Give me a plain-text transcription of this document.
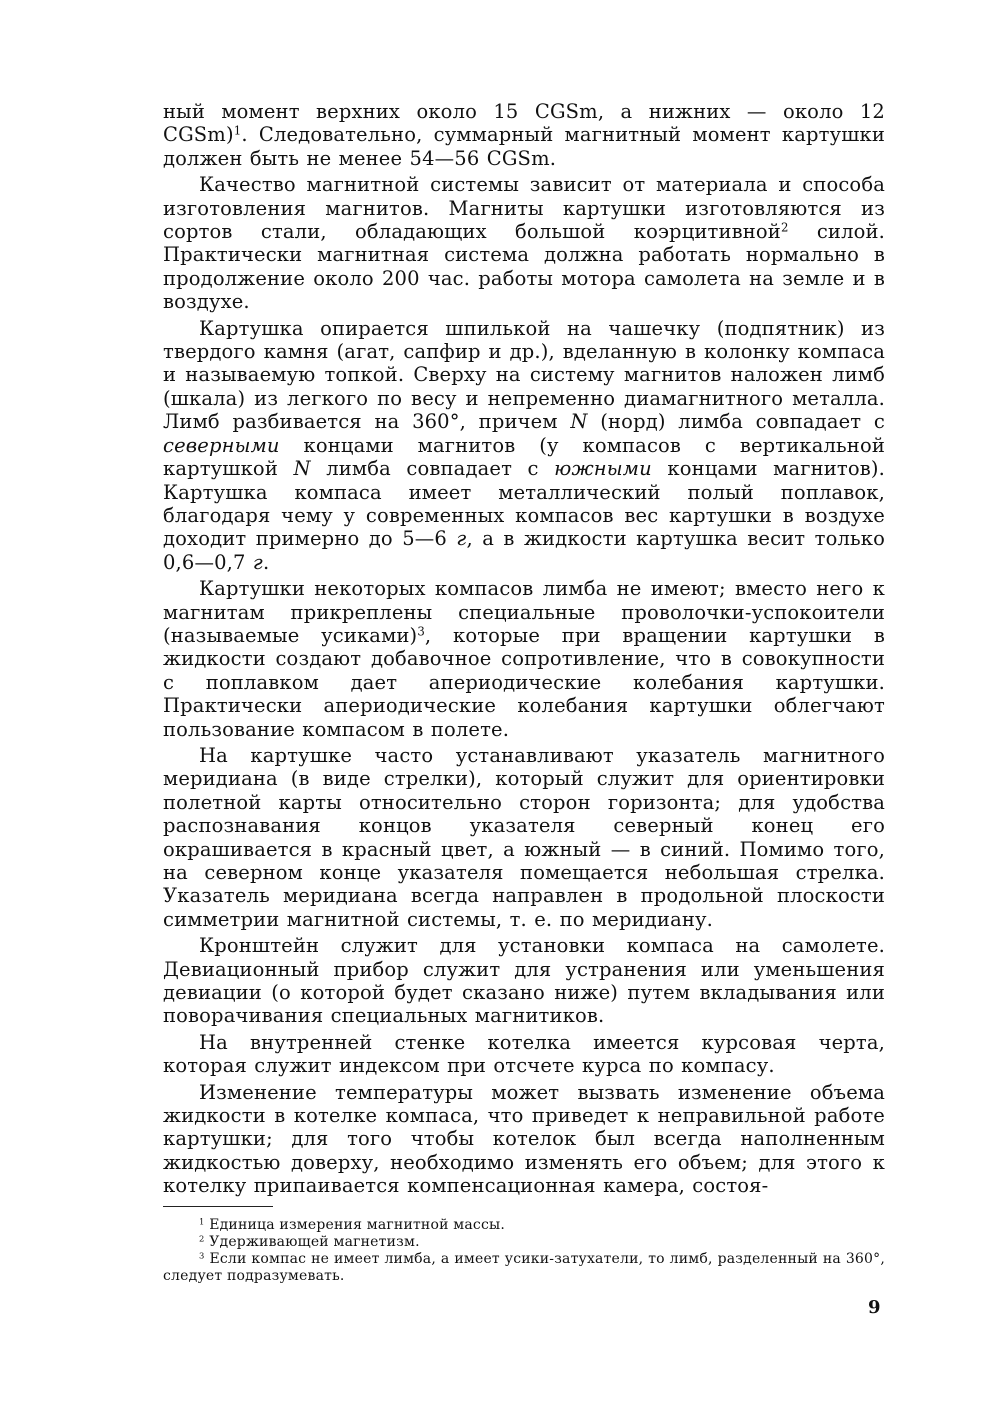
ный момент верхних около 15 CGSm, а нижних — около 12 CGSm)$^1$. Следовательно, суммарный магнитный момент картушки должен быть не менее 54—56 CGSm.

Качество магнитной системы зависит от материала и способа изготовления магнитов. Магниты картушки изготовляются из сортов стали, обладающих большой коэрцитивной$^2$ силой. Практически магнитная система должна работать нормально в продолжение около 200 час. работы мотора самолета на земле и в воздухе.

Картушка опирается шпилькой на чашечку (подпятник) из твердого камня (агат, сапфир и др.), вделанную в колонку компаса и называемую топкой. Сверху на систему магнитов наложен лимб (шкала) из легкого по весу и непременно диамагнитного металла. Лимб разбивается на 360°, причем N (норд) лимба совпадает с северными концами магнитов (у компасов с вертикальной картушкой N лимба совпадает с южными концами магнитов). Картушка компаса имеет металлический полый поплавок, благодаря чему у современных компасов вес картушки в воздухе доходит примерно до 5—6 г, а в жидкости картушка весит только 0,6—0,7 г.

Картушки некоторых компасов лимба не имеют; вместо него к магнитам прикреплены специальные проволочки-успокоители (называемые усиками)$^3$, которые при вращении картушки в жидкости создают добавочное сопротивление, что в совокупности с поплавком дает апериодические колебания картушки. Практически апериодические колебания картушки облегчают пользование компасом в полете.

На картушке часто устанавливают указатель магнитного меридиана (в виде стрелки), который служит для ориентировки полетной карты относительно сторон горизонта; для удобства распознавания концов указателя северный конец его окрашивается в красный цвет, а южный — в синий. Помимо того, на северном конце указателя помещается небольшая стрелка. Указатель меридиана всегда направлен в продольной плоскости симметрии магнитной системы, т. е. по меридиану.

Кронштейн служит для установки компаса на самолете. Девиационный прибор служит для устранения или уменьшения девиации (о которой будет сказано ниже) путем вкладывания или поворачивания специальных магнитиков.

На внутренней стенке котелка имеется курсовая черта, которая служит индексом при отсчете курса по компасу.

Изменение температуры может вызвать изменение объема жидкости в котелке компаса, что приведет к неправильной работе картушки; для того чтобы котелок был всегда наполненным жидкостью доверху, необходимо изменять его объем; для этого к котелку припаивается компенсационная камера, состоя-

$^1$ Единица измерения магнитной массы.

$^2$ Удерживающей магнетизм.

$^3$ Если компас не имеет лимба, а имеет усики-затухатели, то лимб, разделенный на 360°, следует подразумевать.

9
